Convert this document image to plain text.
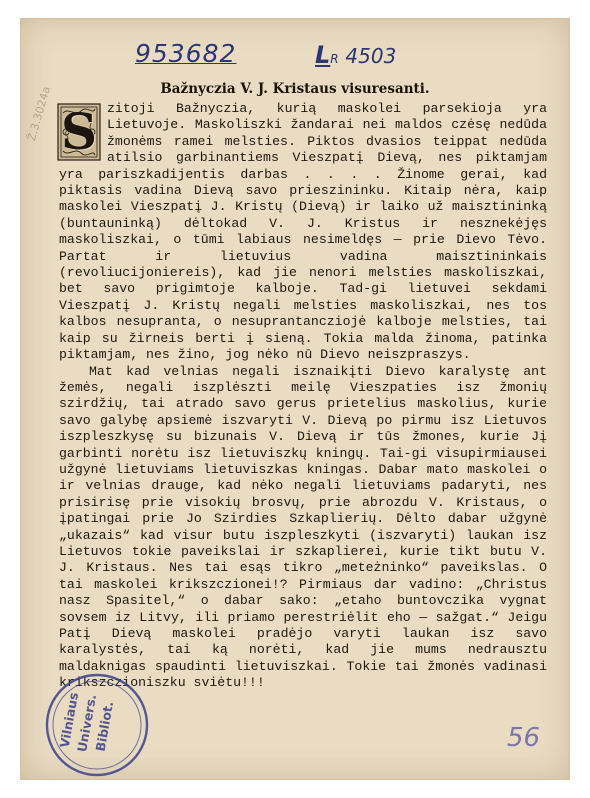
953682	LR 4503
Ž.3.3024a	Bažnyczia V. J. Kristaus visuresanti.

S zitoji Bažnyczia, kurią maskolei parsekioja yra Lietuvoje. Maskoliszki žandarai nei maldos czėsę nedūda žmonėms ramei melsties. Piktos dvasios teippat nedūda atilsio garbinantiems Vieszpatį Dievą, nes piktamjam yra pariszkadijentis darbas . . . . Žinome gerai, kad piktasis vadina Dievą savo prieszininku. Kitaip nėra, kaip maskolei Vieszpatį J. Kristų (Dievą) ir laiko už maisztininką (buntauninką) dėltokad V. J. Kristus ir nesznekėjęs maskoliszkai, o tūmi labiaus nesimeldęs — prie Dievo Tėvo. Partat ir lietuvius vadina maisztininkais (revoliucijoniereis), kad jie nenori melsties maskoliszkai, bet savo prigimtoje kalboje. Tad-gi lietuvei sekdami Vieszpatį J. Kristų negali melsties maskoliszkai, nes tos kalbos nesupranta, o nesuprantancziojė kalboje melsties, tai kaip su žirneis berti į sieną. Tokia malda žinoma, patinka piktamjam, nes žino, jog nėko nū Dievo neiszpraszys.

Mat kad velnias negali isznaikįti Dievo karalystę ant žemės, negali iszplėszti meilę Vieszpaties isz žmonių szirdžių, tai atrado savo gerus prietelius maskolius, kurie savo galybę apsiemė iszvaryti V. Dievą po pirmu isz Lietuvos iszpleszkysę su bizunais V. Dievą ir tūs žmones, kurie Jį garbinti norėtu isz lietuviszkų kningų. Tai-gi visupirmiausei užgynė lietuviams lietuviszkas kningas. Dabar mato maskolei o ir velnias drauge, kad nėko negali lietuviams padaryti, nes prisirisę prie visokių brosvų, prie abrozdu V. Kristaus, o įpatingai prie Jo Szirdies Szkaplierių. Dėlto dabar užgynė „ukazais“ kad visur butu iszpleszkyti (iszvaryti) laukan isz Lietuvos tokie paveikslai ir szkaplierei, kurie tikt butu V. J. Kristaus. Nes tai esąs tikro „meteżninko“ paveikslas. O tai maskolei krikszczionei!? Pirmiaus dar vadino: „Christus nasz Spasitel,“ o dabar sako: „etaho buntovczika vygnat sovsem iz Litvy, ili priamo perestriėlit eho — sažgat.“ Jeigu Patį Dievą maskolei pradėjo varyti laukan isz savo karalystės, tai ką norėti, kad jie mums nedrausztu maldaknigas spaudinti lietuviszkai. Tokie tai žmonės vadinasi krikszczioniszku sviėtu!!!

Vilniaus
Univers.
Bibliot.	56
